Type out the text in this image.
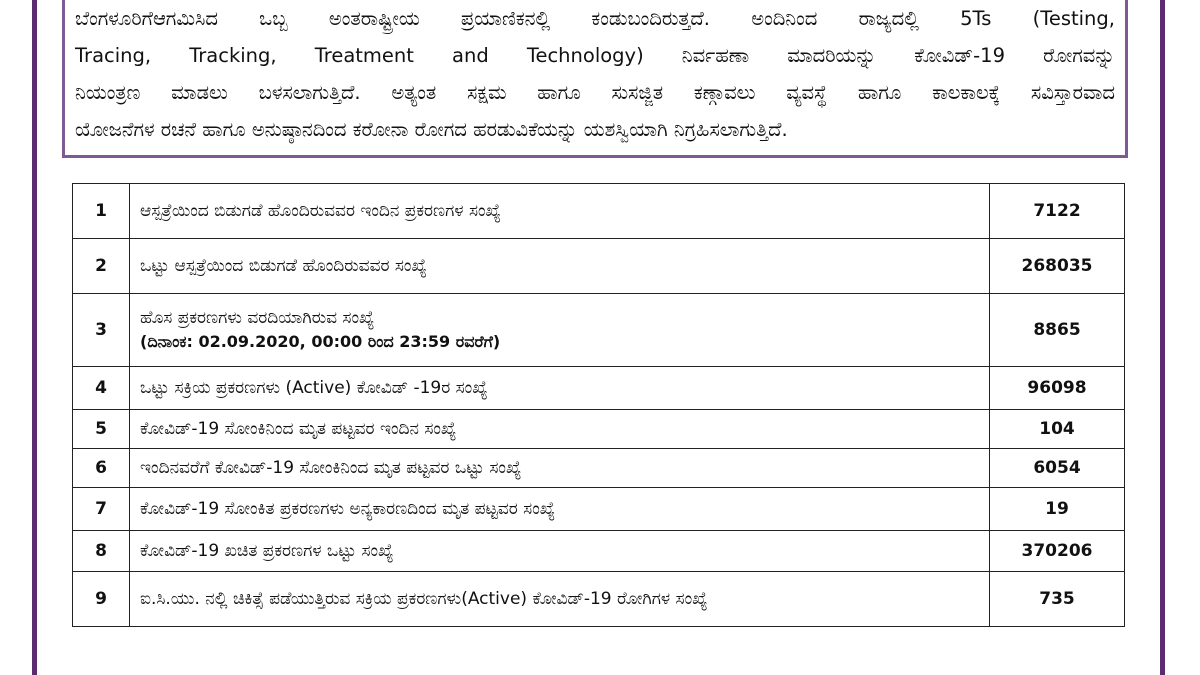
ಬೆಂಗಳೂರಿಗೆಆಗಮಿಸಿದ ಒಬ್ಬ ಅಂತರಾಷ್ಟ್ರೀಯ ಪ್ರಯಾಣಿಕನಲ್ಲಿ ಕಂಡುಬಂದಿರುತ್ತದೆ. ಅಂದಿನಿಂದ ರಾಜ್ಯದಲ್ಲಿ 5Ts (Testing,
Tracing, Tracking, Treatment and Technology) ನಿರ್ವಹಣಾ ಮಾದರಿಯನ್ನು ಕೋವಿಡ್-19 ರೋಗವನ್ನು
ನಿಯಂತ್ರಣ ಮಾಡಲು ಬಳಸಲಾಗುತ್ತಿದೆ. ಅತ್ಯಂತ ಸಕ್ಷಮ ಹಾಗೂ ಸುಸಜ್ಜಿತ ಕಣ್ಗಾವಲು ವ್ಯವಸ್ಥೆ ಹಾಗೂ ಕಾಲಕಾಲಕ್ಕೆ ಸವಿಸ್ತಾರವಾದ
ಯೋಜನೆಗಳ ರಚನೆ ಹಾಗೂ ಅನುಷ್ಠಾನದಿಂದ ಕರೋನಾ ರೋಗದ ಹರಡುವಿಕೆಯನ್ನು ಯಶಸ್ವಿಯಾಗಿ ನಿಗ್ರಹಿಸಲಾಗುತ್ತಿದೆ.
1	ಆಸ್ಪತ್ರೆಯಿಂದ ಬಿಡುಗಡೆ ಹೊಂದಿರುವವರ ಇಂದಿನ ಪ್ರಕರಣಗಳ ಸಂಖ್ಯೆ	7122
2	ಒಟ್ಟು ಆಸ್ಪತ್ರೆಯಿಂದ ಬಿಡುಗಡೆ ಹೊಂದಿರುವವರ ಸಂಖ್ಯೆ	268035
3	ಹೊಸ ಪ್ರಕರಣಗಳು ವರದಿಯಾಗಿರುವ ಸಂಖ್ಯೆ
(ದಿನಾಂಕ: 02.09.2020, 00:00 ರಿಂದ 23:59 ರವರೆಗೆ)	8865
4	ಒಟ್ಟು ಸಕ್ರಿಯ ಪ್ರಕರಣಗಳು (Active) ಕೋವಿಡ್ -19ರ ಸಂಖ್ಯೆ	96098
5	ಕೋವಿಡ್-19 ಸೋಂಕಿನಿಂದ ಮೃತ ಪಟ್ಟವರ ಇಂದಿನ ಸಂಖ್ಯೆ	104
6	ಇಂದಿನವರೆಗೆ ಕೋವಿಡ್-19 ಸೋಂಕಿನಿಂದ ಮೃತ ಪಟ್ಟವರ ಒಟ್ಟು ಸಂಖ್ಯೆ	6054
7	ಕೋವಿಡ್-19 ಸೋಂಕಿತ ಪ್ರಕರಣಗಳು ಅನ್ಯಕಾರಣದಿಂದ ಮೃತ ಪಟ್ಟವರ ಸಂಖ್ಯೆ	19
8	ಕೋವಿಡ್-19 ಖಚಿತ ಪ್ರಕರಣಗಳ ಒಟ್ಟು ಸಂಖ್ಯೆ	370206
9	ಐ.ಸಿ.ಯು. ನಲ್ಲಿ ಚಿಕಿತ್ಸೆ ಪಡೆಯುತ್ತಿರುವ ಸಕ್ರಿಯ ಪ್ರಕರಣಗಳು(Active) ಕೋವಿಡ್-19 ರೋಗಿಗಳ ಸಂಖ್ಯೆ	735
